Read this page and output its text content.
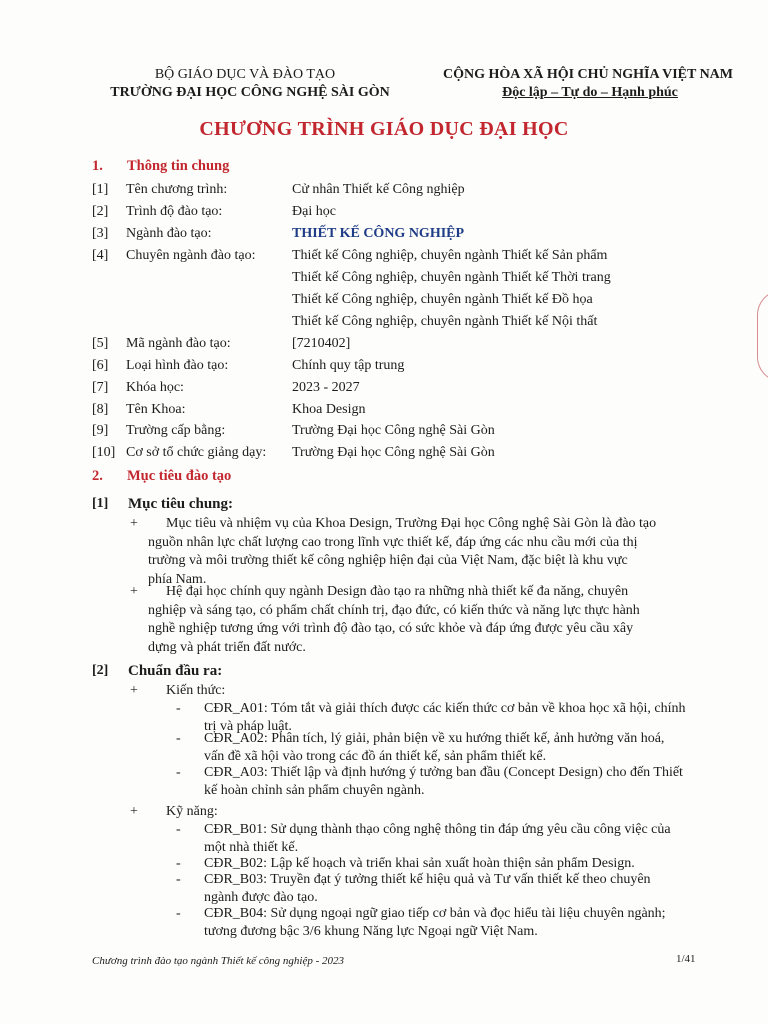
BỘ GIÁO DỤC VÀ ĐÀO TẠO
TRƯỜNG ĐẠI HỌC CÔNG NGHỆ SÀI GÒN
CỘNG HÒA XÃ HỘI CHỦ NGHĨA VIỆT NAM
Độc lập – Tự do – Hạnh phúc
CHƯƠNG TRÌNH GIÁO DỤC ĐẠI HỌC
1. Thông tin chung
[1] Tên chương trình:	Cử nhân Thiết kế Công nghiệp
[2] Trình độ đào tạo:	Đại học
[3] Ngành đào tạo:	THIẾT KẾ CÔNG NGHIỆP
[4] Chuyên ngành đào tạo:	Thiết kế Công nghiệp, chuyên ngành Thiết kế Sản phẩm
Thiết kế Công nghiệp, chuyên ngành Thiết kế Thời trang
Thiết kế Công nghiệp, chuyên ngành Thiết kế Đồ họa
Thiết kế Công nghiệp, chuyên ngành Thiết kế Nội thất
[5] Mã ngành đào tạo:	[7210402]
[6] Loại hình đào tạo:	Chính quy tập trung
[7] Khóa học:	2023 - 2027
[8] Tên Khoa:	Khoa Design
[9] Trường cấp bằng:	Trường Đại học Công nghệ Sài Gòn
[10] Cơ sở tổ chức giảng dạy: Trường Đại học Công nghệ Sài Gòn
2. Mục tiêu đào tạo
[1] Mục tiêu chung:
+ Mục tiêu và nhiệm vụ của Khoa Design, Trường Đại học Công nghệ Sài Gòn là đào tạo
nguồn nhân lực chất lượng cao trong lĩnh vực thiết kế, đáp ứng các nhu cầu mới của thị
trường và môi trường thiết kế công nghiệp hiện đại của Việt Nam, đặc biệt là khu vực
phía Nam.
+ Hệ đại học chính quy ngành Design đào tạo ra những nhà thiết kế đa năng, chuyên
nghiệp và sáng tạo, có phẩm chất chính trị, đạo đức, có kiến thức và năng lực thực hành
nghề nghiệp tương ứng với trình độ đào tạo, có sức khỏe và đáp ứng được yêu cầu xây
dựng và phát triển đất nước.
[2] Chuẩn đầu ra:
+ Kiến thức:
- CĐR_A01: Tóm tắt và giải thích được các kiến thức cơ bản về khoa học xã hội, chính
trị và pháp luật.
- CĐR_A02: Phân tích, lý giải, phản biện về xu hướng thiết kế, ảnh hưởng văn hoá,
vấn đề xã hội vào trong các đồ án thiết kế, sản phẩm thiết kế.
- CĐR_A03: Thiết lập và định hướng ý tưởng ban đầu (Concept Design) cho đến Thiết
kế hoàn chỉnh sản phẩm chuyên ngành.
+ Kỹ năng:
- CĐR_B01: Sử dụng thành thạo công nghệ thông tin đáp ứng yêu cầu công việc của
một nhà thiết kế.
- CĐR_B02: Lập kế hoạch và triển khai sản xuất hoàn thiện sản phẩm Design.
- CĐR_B03: Truyền đạt ý tưởng thiết kế hiệu quả và Tư vấn thiết kế theo chuyên
ngành được đào tạo.
- CĐR_B04: Sử dụng ngoại ngữ giao tiếp cơ bản và đọc hiểu tài liệu chuyên ngành;
tương đương bậc 3/6 khung Năng lực Ngoại ngữ Việt Nam.
Chương trình đào tạo ngành Thiết kế công nghiệp - 2023	1/41
